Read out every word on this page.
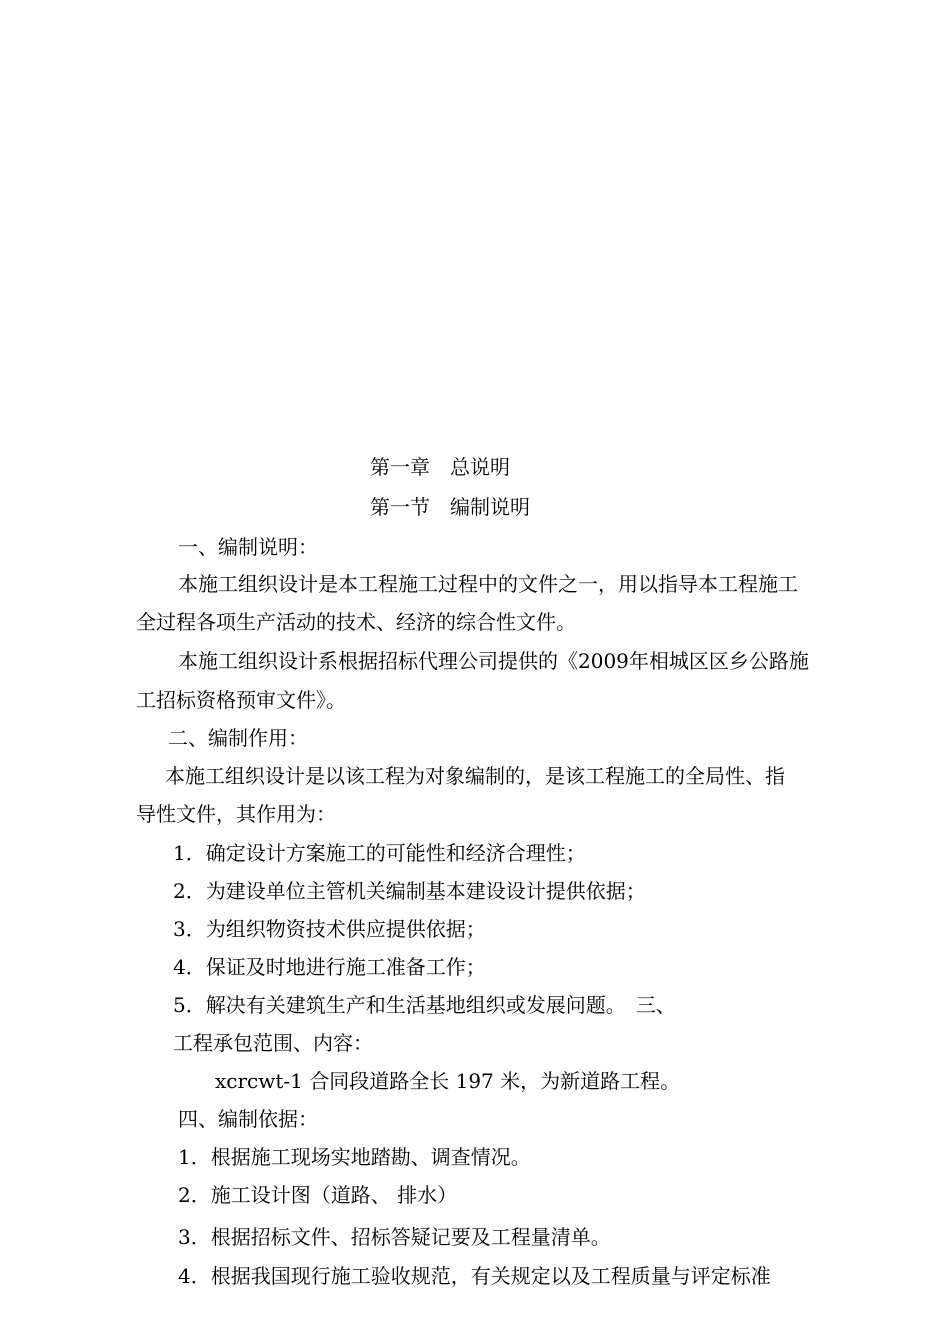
第一章　总说明
第一节　编制说明
一、编制说明：
本施工组织设计是本工程施工过程中的文件之一，用以指导本工程施工
全过程各项生产活动的技术、经济的综合性文件。
本施工组织设计系根据招标代理公司提供的《2009年相城区区乡公路施
工招标资格预审文件》。
二、编制作用：
本施工组织设计是以该工程为对象编制的，是该工程施工的全局性、指
导性文件，其作用为：
1．确定设计方案施工的可能性和经济合理性；
2．为建设单位主管机关编制基本建设设计提供依据；
3．为组织物资技术供应提供依据；
4．保证及时地进行施工准备工作；
5．解决有关建筑生产和生活基地组织或发展问题。　三、
工程承包范围、内容：
xcrcwt-1 合同段道路全长 197 米，为新道路工程。
四、编制依据：
1．根据施工现场实地踏勘、调查情况。
2．施工设计图（道路、 排水）
3．根据招标文件、招标答疑记要及工程量清单。
4．根据我国现行施工验收规范，有关规定以及工程质量与评定标准
